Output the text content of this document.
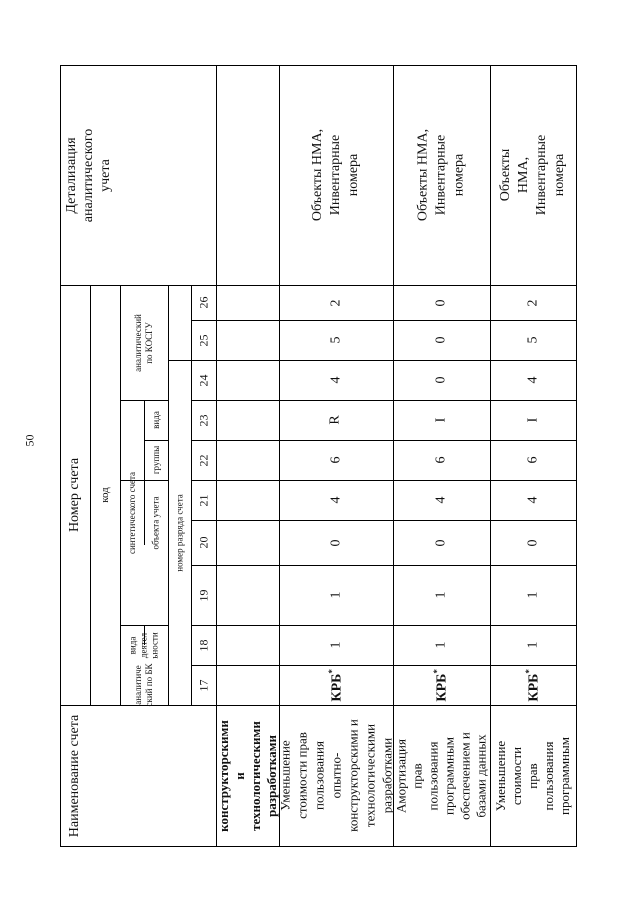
50
Детализация аналитического учета
Номер счета
Наименование счета
код
аналитический по КОСГУ
синтетического счета
вида
группы
объекта учета
вида деятел ьности
аналитиче ский по БК
номер разряда счета
26
25
24
23
22
21
20
19
18
17
конструкторскими и технологическими разработками
Объекты НМА, Инвентарные номера
2
5
4
R
6
4
0
1
1
КРБ*
Уменьшение стоимости прав пользования опытно-конструкторскими и технологическими разработками
Объекты НМА, Инвентарные номера
0
0
0
I
6
4
0
1
1
КРБ*
Амортизация прав пользования программным обеспечением и базами данных
Объекты НМА, Инвентарные номера
2
5
4
I
6
4
0
1
1
КРБ*
Уменьшение стоимости прав пользования программным
